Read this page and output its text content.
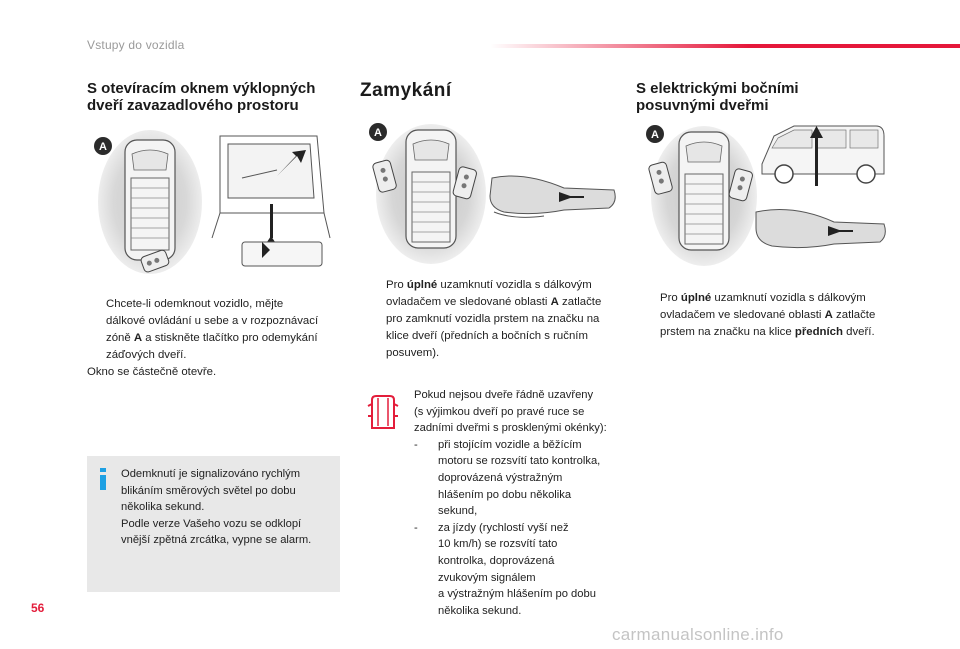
Vstupy do vozidla
S otevíracím oknem výklopných
dveří zavazadlového prostoru
A
Chcete-li odemknout vozidlo, mějte
dálkové ovládání u sebe a v rozpoznávací
zóně A a stiskněte tlačítko pro odemykání
záďových dveří.
Okno se částečně otevře.

Odemknutí je signalizováno rychlým

blikáním směrových světel po dobu

několika sekund.

Podle verze Vašeho vozu se odklopí

vnější zpětná zrcátka, vypne se alarm.

Zamykání
A
Pro úplné uzamknutí vozidla s dálkovým
ovladačem ve sledované oblasti A zatlačte
pro zamknutí vozidla prstem na značku na
klice dveří (předních a bočních s ručním
posuvem).

Pokud nejsou dveře řádně uzavřeny

(s výjimkou dveří po pravé ruce se

zadními dveřmi s prosklenými okénky):

-	při stojícím vozidle a běžícím

motoru se rozsvítí tato kontrolka,

doprovázená výstražným

hlášením po dobu několika

sekund,

-	za jízdy (rychlostí vyší než

10 km/h) se rozsvítí tato

kontrolka, doprovázená

zvukovým signálem

a výstražným hlášením po dobu

několika sekund.

S elektrickými bočními
posuvnými dveřmi
A
Pro úplné uzamknutí vozidla s dálkovým
ovladačem ve sledované oblasti A zatlačte
prstem na značku na klice předních dveří.
56
carmanualsonline.info
